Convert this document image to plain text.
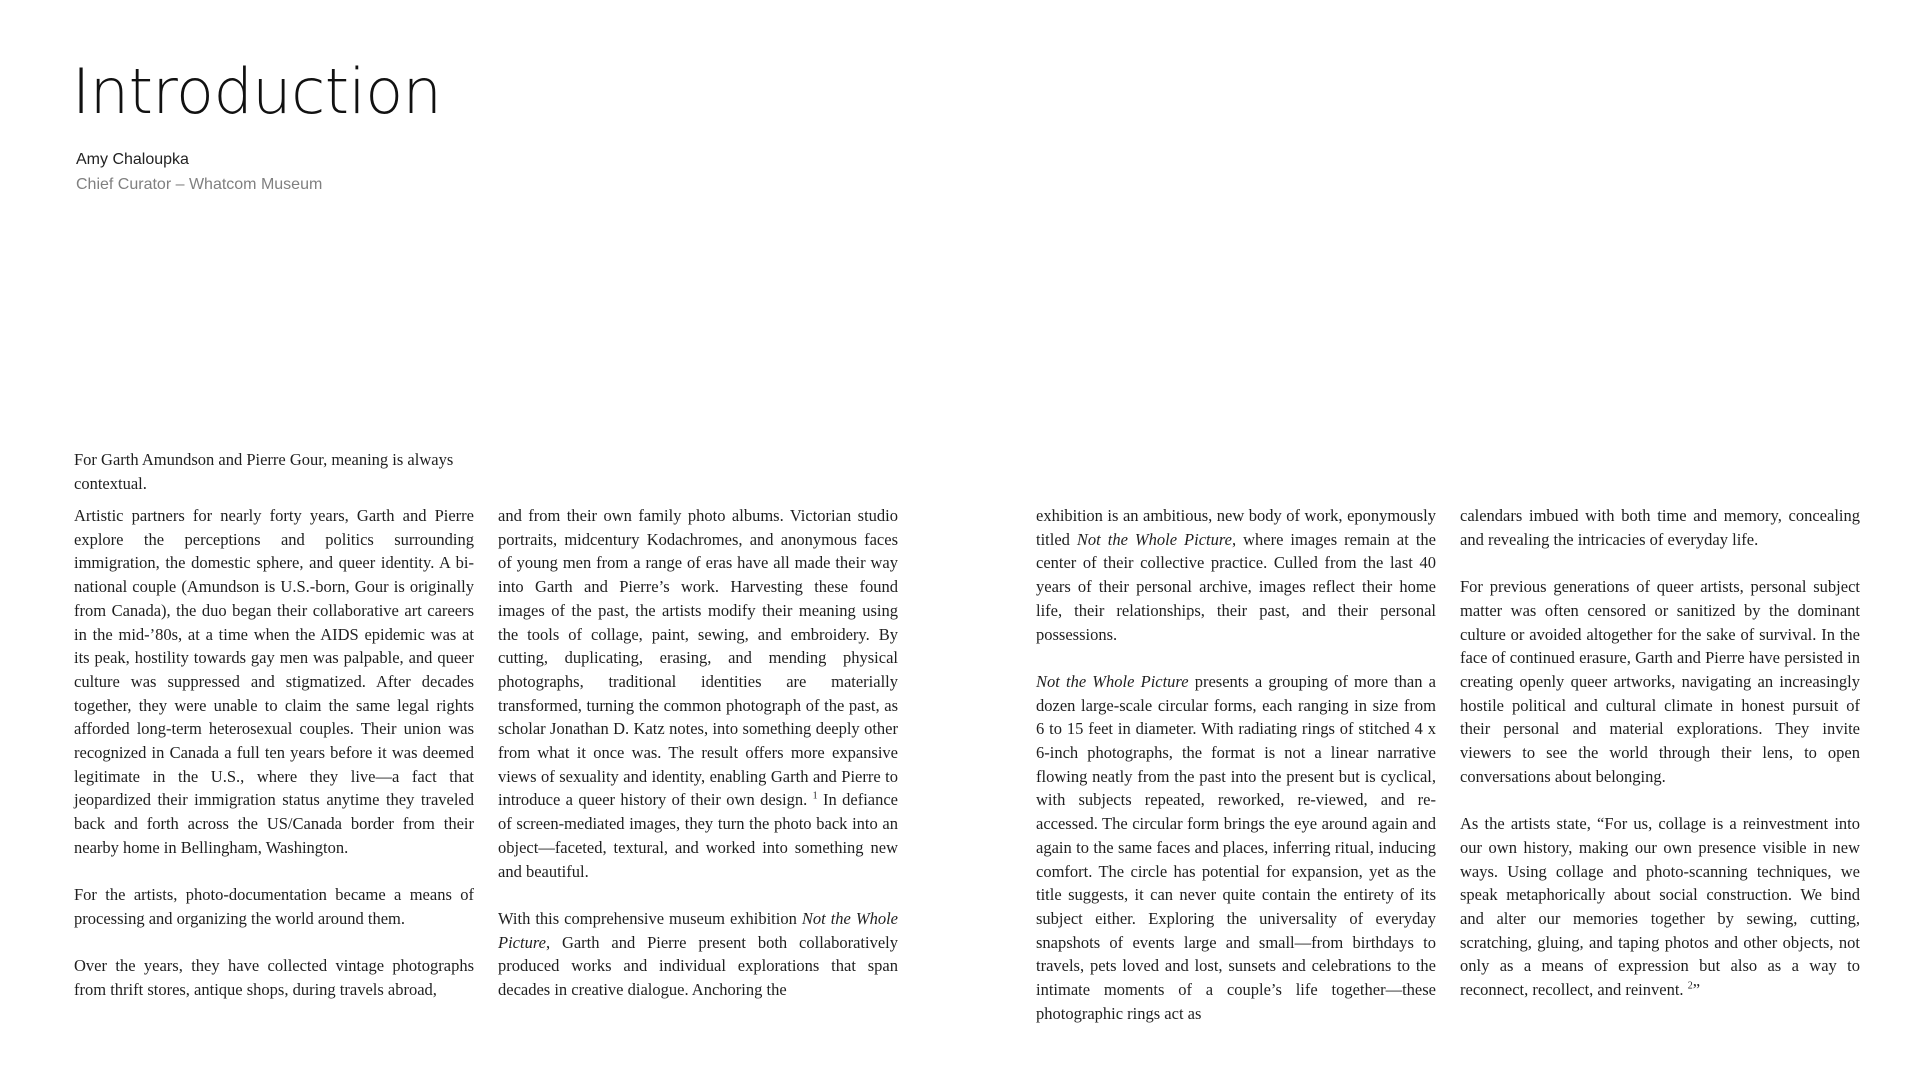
Introduction
Amy Chaloupka
Chief Curator – Whatcom Museum

For Garth Amundson and Pierre Gour, meaning is always contextual.

Artistic partners for nearly forty years, Garth and Pierre explore the perceptions and politics surrounding immigration, the domestic sphere, and queer identity. A bi-national couple (Amundson is U.S.-born, Gour is originally from Canada), the duo began their collaborative art careers in the mid-’80s, at a time when the AIDS epidemic was at its peak, hostility towards gay men was palpable, and queer culture was suppressed and stigmatized. After decades together, they were unable to claim the same legal rights afforded long-term heterosexual couples. Their union was recognized in Canada a full ten years before it was deemed legitimate in the U.S., where they live—a fact that jeopardized their immigration status anytime they traveled back and forth across the US/Canada border from their nearby home in Bellingham, Washington.

For the artists, photo-documentation became a means of processing and organizing the world around them.

Over the years, they have collected vintage photographs from thrift stores, antique shops, during travels abroad,

and from their own family photo albums. Victorian studio portraits, midcentury Kodachromes, and anonymous faces of young men from a range of eras have all made their way into Garth and Pierre’s work. Harvesting these found images of the past, the artists modify their meaning using the tools of collage, paint, sewing, and embroidery. By cutting, duplicating, erasing, and mending physical photographs, traditional identities are materially transformed, turning the common photograph of the past, as scholar Jonathan D. Katz notes, into something deeply other from what it once was. The result offers more expansive views of sexuality and identity, enabling Garth and Pierre to introduce a queer history of their own design. $^1$ In defiance of screen-mediated images, they turn the photo back into an object—faceted, textural, and worked into something new and beautiful.

With this comprehensive museum exhibition Not the Whole Picture, Garth and Pierre present both collaboratively produced works and individual explorations that span decades in creative dialogue. Anchoring the

exhibition is an ambitious, new body of work, eponymously titled Not the Whole Picture, where images remain at the center of their collective practice. Culled from the last 40 years of their personal archive, images reflect their home life, their relationships, their past, and their personal possessions.

Not the Whole Picture presents a grouping of more than a dozen large-scale circular forms, each ranging in size from 6 to 15 feet in diameter. With radiating rings of stitched 4 x 6-inch photographs, the format is not a linear narrative flowing neatly from the past into the present but is cyclical, with subjects repeated, reworked, re-viewed, and re-accessed. The circular form brings the eye around again and again to the same faces and places, inferring ritual, inducing comfort. The circle has potential for expansion, yet as the title suggests, it can never quite contain the entirety of its subject either. Exploring the universality of everyday snapshots of events large and small—from birthdays to travels, pets loved and lost, sunsets and celebrations to the intimate moments of a couple’s life together—these photographic rings act as

calendars imbued with both time and memory, concealing and revealing the intricacies of everyday life.

For previous generations of queer artists, personal subject matter was often censored or sanitized by the dominant culture or avoided altogether for the sake of survival. In the face of continued erasure, Garth and Pierre have persisted in creating openly queer artworks, navigating an increasingly hostile political and cultural climate in honest pursuit of their personal and material explorations. They invite viewers to see the world through their lens, to open conversations about belonging.

As the artists state, “For us, collage is a reinvestment into our own history, making our own presence visible in new ways. Using collage and photo-scanning techniques, we speak metaphorically about social construction. We bind and alter our memories together by sewing, cutting, scratching, gluing, and taping photos and other objects, not only as a means of expression but also as a way to reconnect, recollect, and reinvent. $^2$”
